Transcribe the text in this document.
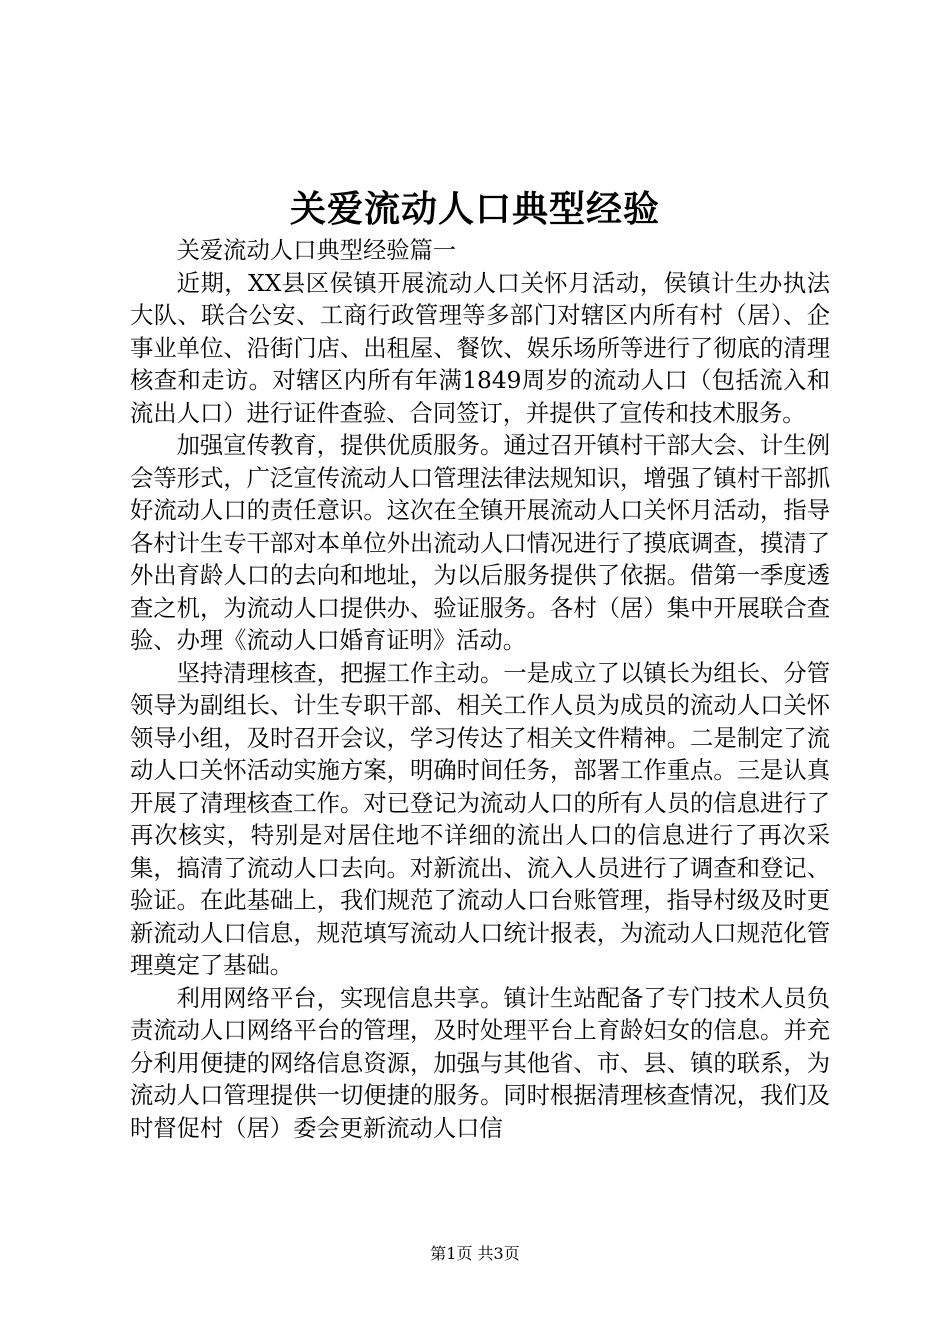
关爱流动人口典型经验

关爱流动人口典型经验篇一

近期，XX县区侯镇开展流动人口关怀月活动，侯镇计生办执法大队、联合公安、工商行政管理等多部门对辖区内所有村（居）、企事业单位、沿街门店、出租屋、餐饮、娱乐场所等进行了彻底的清理核查和走访。对辖区内所有年满1849周岁的流动人口（包括流入和流出人口）进行证件查验、合同签订，并提供了宣传和技术服务。

加强宣传教育，提供优质服务。通过召开镇村干部大会、计生例会等形式，广泛宣传流动人口管理法律法规知识，增强了镇村干部抓好流动人口的责任意识。这次在全镇开展流动人口关怀月活动，指导各村计生专干部对本单位外出流动人口情况进行了摸底调查，摸清了外出育龄人口的去向和地址，为以后服务提供了依据。借第一季度透查之机，为流动人口提供办、验证服务。各村（居）集中开展联合查验、办理《流动人口婚育证明》活动。

坚持清理核查，把握工作主动。一是成立了以镇长为组长、分管领导为副组长、计生专职干部、相关工作人员为成员的流动人口关怀领导小组，及时召开会议，学习传达了相关文件精神。二是制定了流动人口关怀活动实施方案，明确时间任务，部署工作重点。三是认真开展了清理核查工作。对已登记为流动人口的所有人员的信息进行了再次核实，特别是对居住地不详细的流出人口的信息进行了再次采集，搞清了流动人口去向。对新流出、流入人员进行了调查和登记、验证。在此基础上，我们规范了流动人口台账管理，指导村级及时更新流动人口信息，规范填写流动人口统计报表，为流动人口规范化管理奠定了基础。

利用网络平台，实现信息共享。镇计生站配备了专门技术人员负责流动人口网络平台的管理，及时处理平台上育龄妇女的信息。并充分利用便捷的网络信息资源，加强与其他省、市、县、镇的联系，为流动人口管理提供一切便捷的服务。同时根据清理核查情况，我们及时督促村（居）委会更新流动人口信

第1页 共3页
